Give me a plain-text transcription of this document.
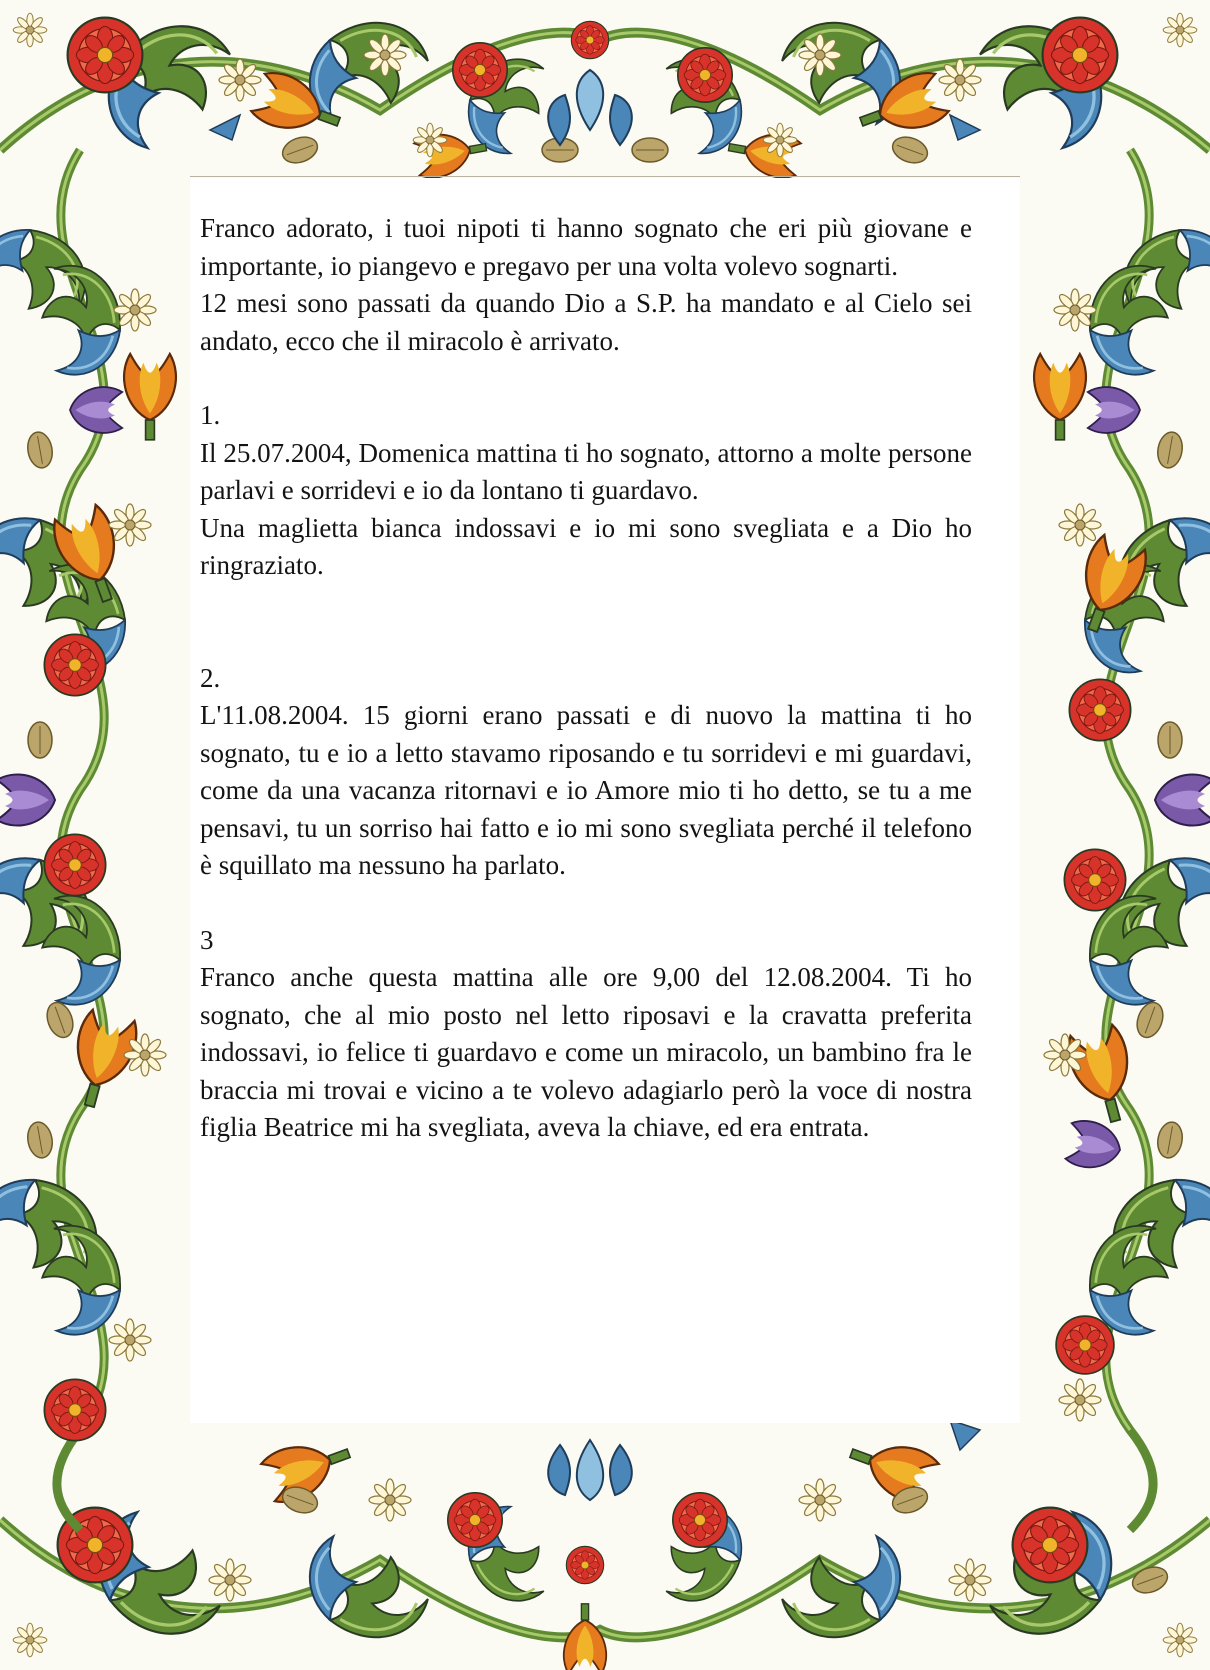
Franco adorato, i tuoi nipoti ti hanno sognato che eri più giovane e importante, io piangevo e pregavo per una volta volevo sognarti.

12 mesi sono passati da quando Dio a S.P. ha mandato e al Cielo sei andato, ecco che il miracolo è arrivato.

1.

Il 25.07.2004, Domenica mattina ti ho sognato, attorno a molte persone parlavi e sorridevi e io da lontano ti guardavo.

Una maglietta bianca indossavi e io mi sono svegliata e a Dio ho ringraziato.

2.

L'11.08.2004. 15 giorni erano passati e di nuovo la mattina ti ho sognato, tu e io a letto stavamo riposando e tu sorridevi e mi guardavi, come da una vacanza ritornavi e io Amore mio ti ho detto, se tu a me pensavi, tu un sorriso hai fatto e io mi sono svegliata perché il telefono è squillato ma nessuno ha parlato.

3

Franco anche questa mattina alle ore 9,00 del 12.08.2004. Ti ho sognato, che al mio posto nel letto riposavi e la cravatta preferita indossavi, io felice ti guardavo e come un miracolo, un bambino fra le braccia mi trovai e vicino a te volevo adagiarlo però la voce di nostra figlia Beatrice mi ha svegliata, aveva la chiave, ed era entrata.
